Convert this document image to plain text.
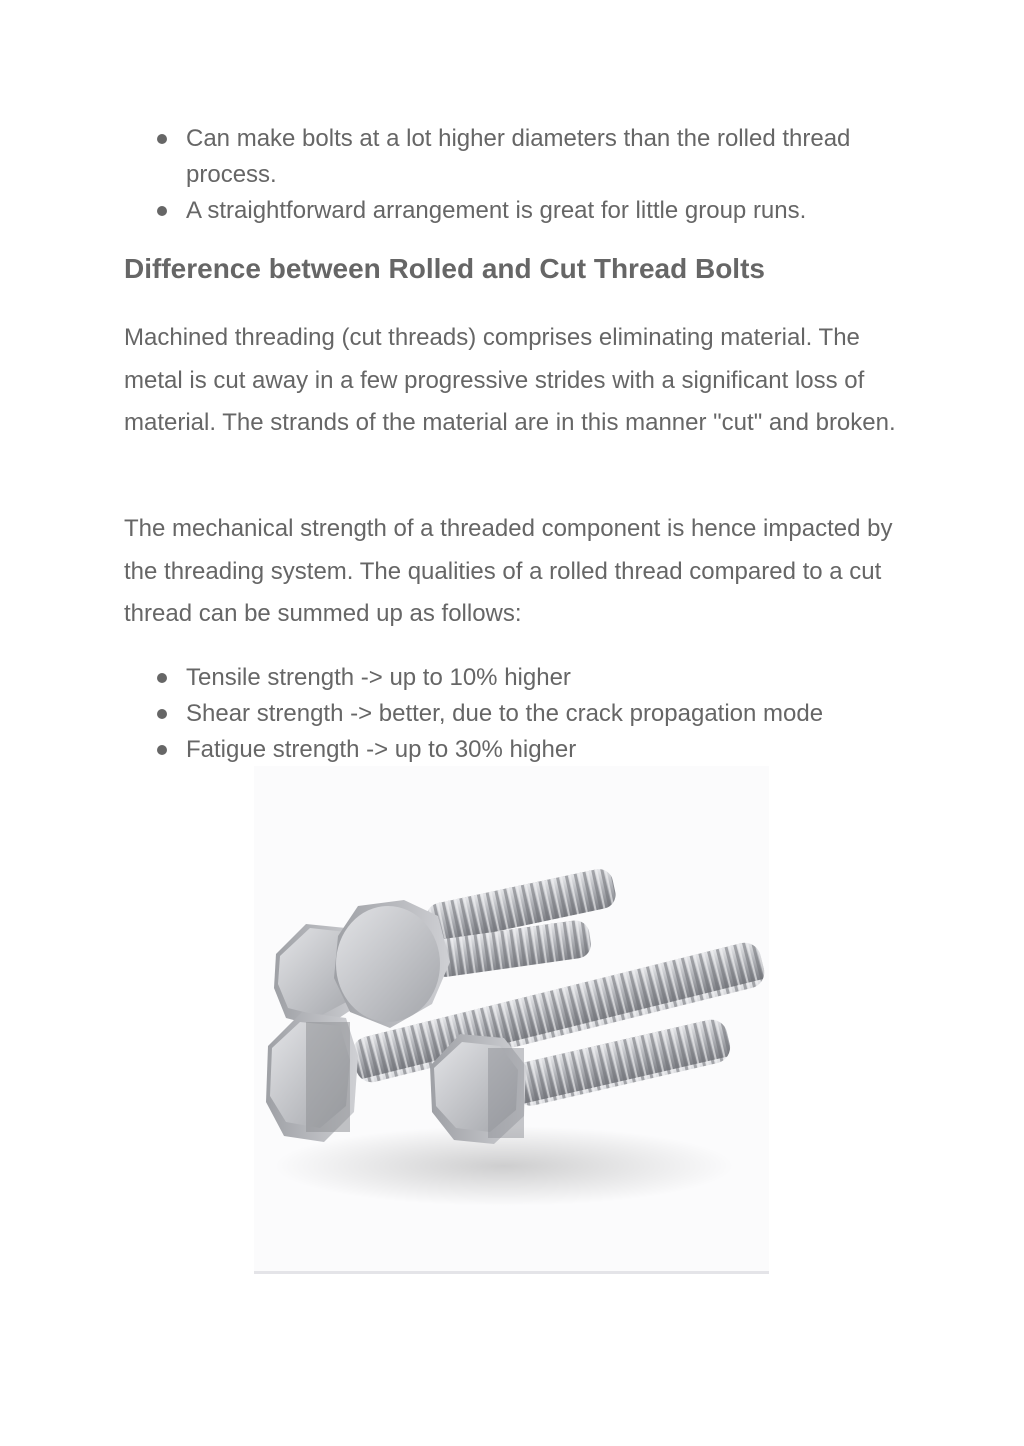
Can make bolts at a lot higher diameters than the rolled thread process.
A straightforward arrangement is great for little group runs.
Difference between Rolled and Cut Thread Bolts

Machined threading (cut threads) comprises eliminating material. The metal is cut away in a few progressive strides with a significant loss of material. The strands of the material are in this manner "cut" and broken.

The mechanical strength of a threaded component is hence impacted by the threading system. The qualities of a rolled thread compared to a cut thread can be summed up as follows:

Tensile strength -> up to 10% higher
Shear strength -> better, due to the crack propagation mode
Fatigue strength -> up to 30% higher
